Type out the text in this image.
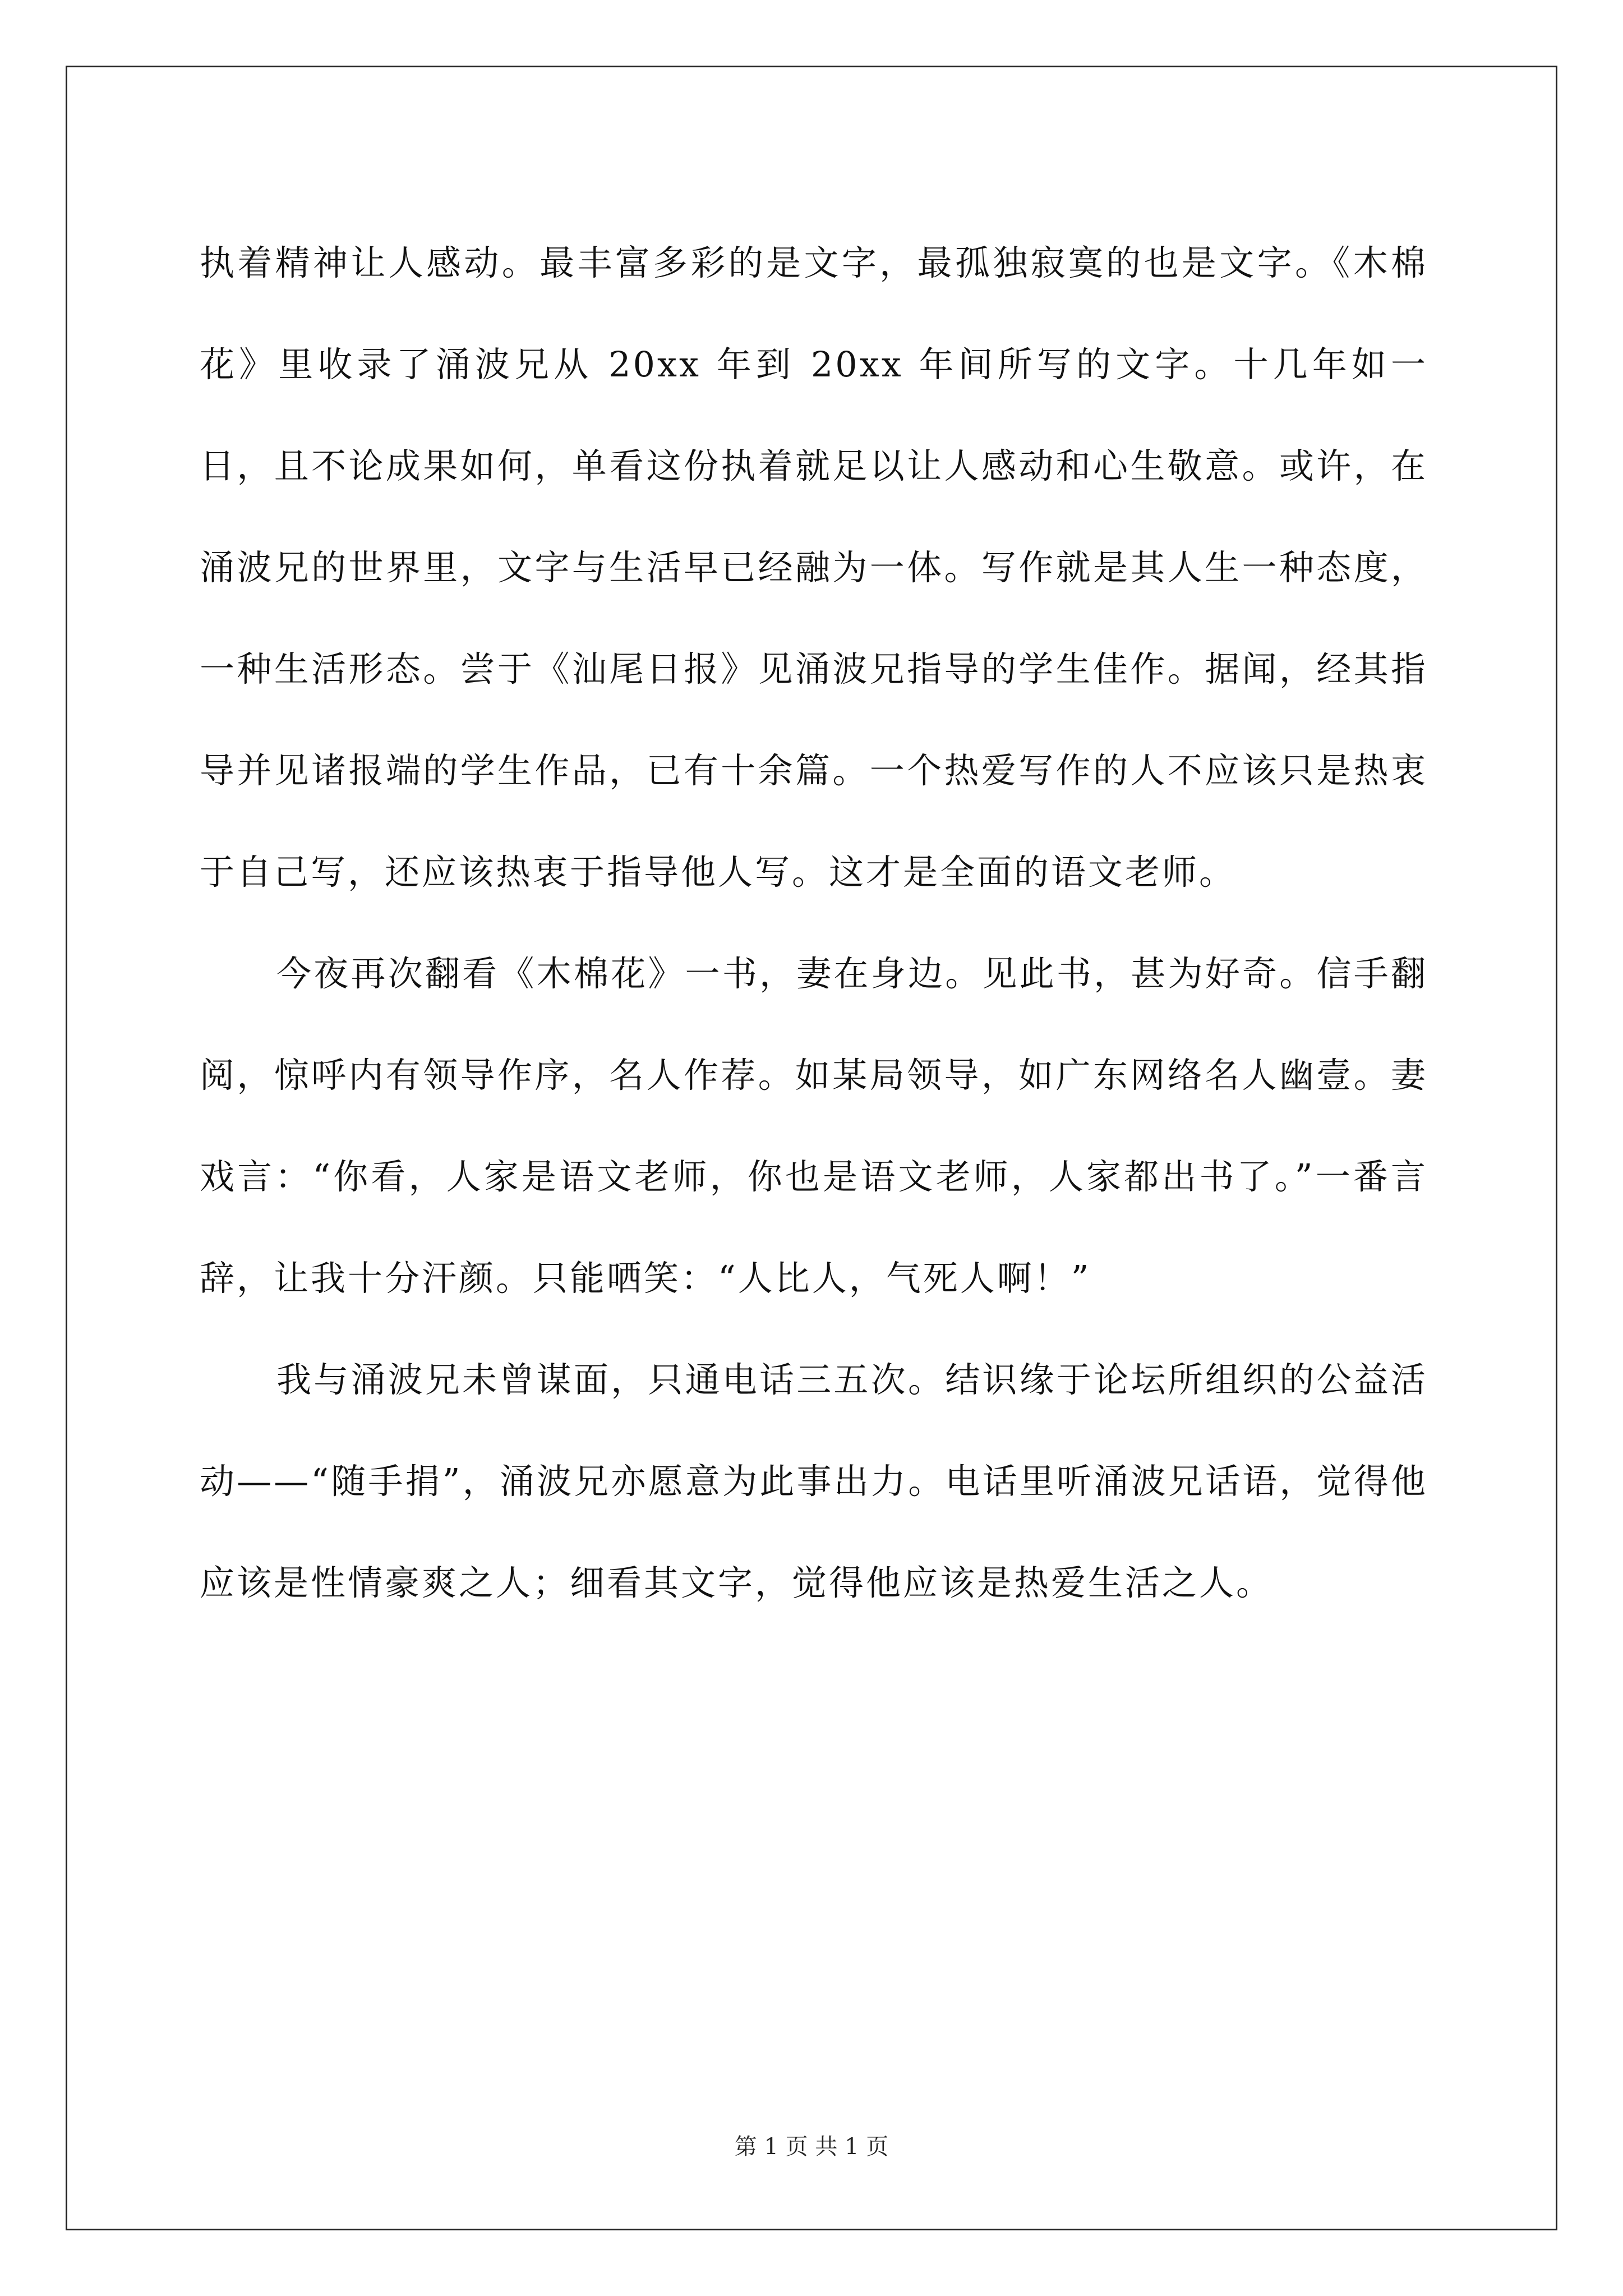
执着精神让人感动。最丰富多彩的是文字，最孤独寂寞的也是文字。《木棉花》里收录了涌波兄从 20xx 年到 20xx 年间所写的文字。十几年如一日，且不论成果如何，单看这份执着就足以让人感动和心生敬意。或许，在涌波兄的世界里，文字与生活早已经融为一体。写作就是其人生一种态度，一种生活形态。尝于《汕尾日报》见涌波兄指导的学生佳作。据闻，经其指导并见诸报端的学生作品，已有十余篇。一个热爱写作的人不应该只是热衷于自己写，还应该热衷于指导他人写。这才是全面的语文老师。

今夜再次翻看《木棉花》一书，妻在身边。见此书，甚为好奇。信手翻阅，惊呼内有领导作序，名人作荐。如某局领导，如广东网络名人幽壹。妻戏言：“你看，人家是语文老师，你也是语文老师，人家都出书了。”一番言辞，让我十分汗颜。只能哂笑：“人比人，气死人啊！”

我与涌波兄未曾谋面，只通电话三五次。结识缘于论坛所组织的公益活动——“随手捐”，涌波兄亦愿意为此事出力。电话里听涌波兄话语，觉得他应该是性情豪爽之人；细看其文字，觉得他应该是热爱生活之人。

第 1 页 共 1 页
